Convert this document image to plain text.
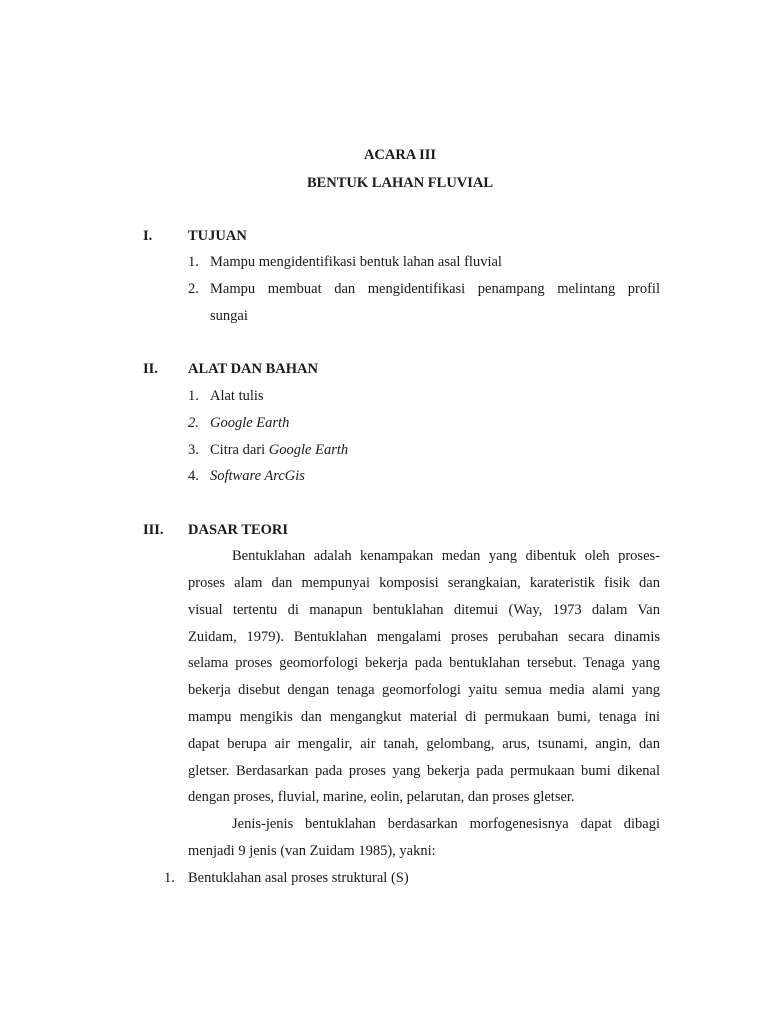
ACARA III
BENTUK LAHAN FLUVIAL
I. TUJUAN
1. Mampu mengidentifikasi bentuk lahan asal fluvial
2. Mampu membuat dan mengidentifikasi penampang melintang profil
sungai
II. ALAT DAN BAHAN
1. Alat tulis
2. Google Earth
3. Citra dari Google Earth
4. Software ArcGis
III. DASAR TEORI
Bentuklahan adalah kenampakan medan yang dibentuk oleh proses-
proses alam dan mempunyai komposisi serangkaian, karateristik fisik dan
visual tertentu di manapun bentuklahan ditemui (Way, 1973 dalam Van
Zuidam, 1979). Bentuklahan mengalami proses perubahan secara dinamis
selama proses geomorfologi bekerja pada bentuklahan tersebut. Tenaga yang
bekerja disebut dengan tenaga geomorfologi yaitu semua media alami yang
mampu mengikis dan mengangkut material di permukaan bumi, tenaga ini
dapat berupa air mengalir, air tanah, gelombang, arus, tsunami, angin, dan
gletser. Berdasarkan pada proses yang bekerja pada permukaan bumi dikenal
dengan proses, fluvial, marine, eolin, pelarutan, dan proses gletser.
Jenis-jenis bentuklahan berdasarkan morfogenesisnya dapat dibagi
menjadi 9 jenis (van Zuidam 1985), yakni:
1. Bentuklahan asal proses struktural (S)
